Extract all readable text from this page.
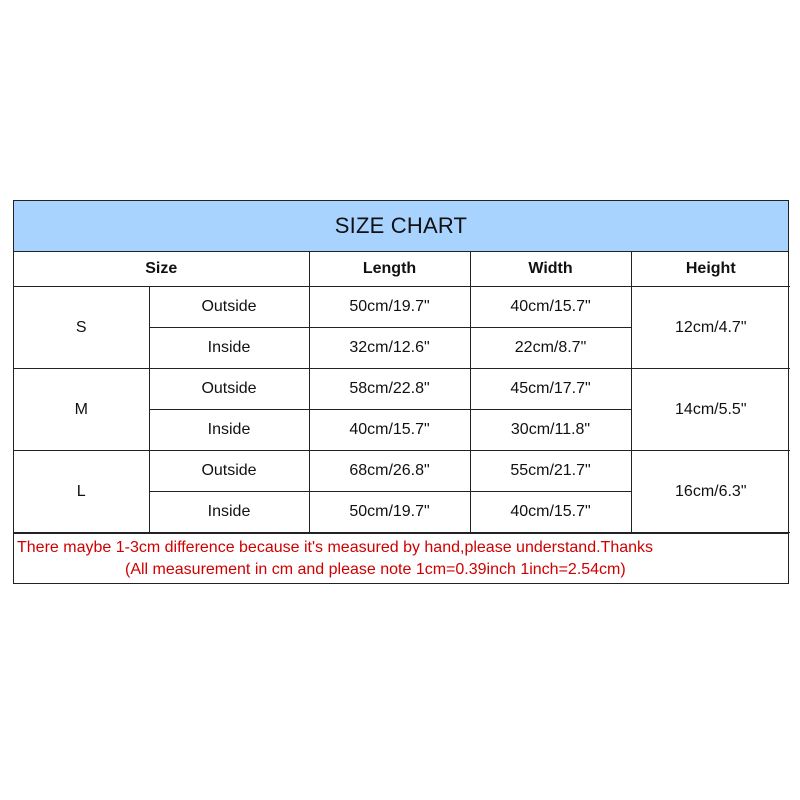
SIZE CHART
Size		Length	Width	Height
S	Outside	50cm/19.7"	40cm/15.7"	12cm/4.7"
	Inside	32cm/12.6"	22cm/8.7"	
M	Outside	58cm/22.8"	45cm/17.7"	14cm/5.5"
	Inside	40cm/15.7"	30cm/11.8"	
L	Outside	68cm/26.8"	55cm/21.7"	16cm/6.3"
	Inside	50cm/19.7"	40cm/15.7"	
There maybe 1-3cm difference because it's measured by hand,please understand.Thanks
(All measurement in cm and please note 1cm=0.39inch 1inch=2.54cm)
